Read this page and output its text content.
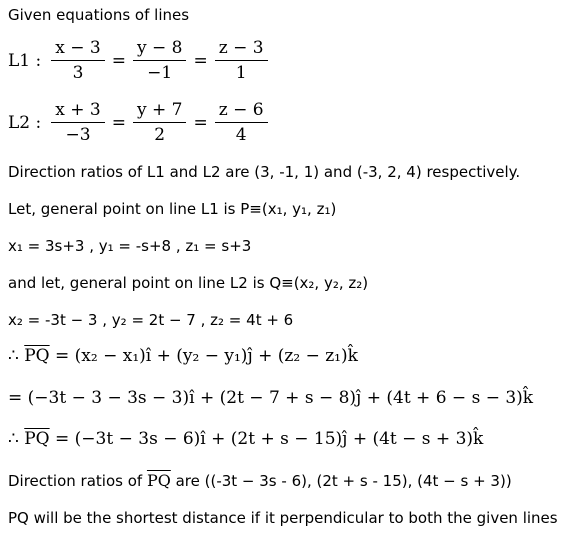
Given equations of lines
L1 : $\frac{x - 3}{3} = \frac{y - 8}{-1} = \frac{z - 3}{1}$
L2 : $\frac{x + 3}{-3} = \frac{y + 7}{2} = \frac{z - 6}{4}$
Direction ratios of L1 and L2 are (3, -1, 1) and (-3, 2, 4) respectively.
Let, general point on line L1 is P≡(x₁, y₁, z₁)
x₁ = 3s+3 , y₁ = -s+8 , z₁ = s+3
and let, general point on line L2 is Q≡(x₂, y₂, z₂)
x₂ = -3t − 3 , y₂ = 2t − 7 , z₂ = 4t + 6
∴ $\overline{PQ} = (x_2$ − x₁)î + (y₂ − y₁)ĵ + (z₂ − z₁)k̂
= (−3t − 3 − 3s − 3)î + (2t − 7 + s − 8)ĵ + (4t + 6 − s − 3)k̂
∴ $\overline{PQ} = (-3t - 3s$ − 6)î + (2t + s − 15)ĵ + (4t − s + 3)k̂
Direction ratios of $\overline{PQ}$ are ((-3t − 3s - 6), (2t + s - 15), (4t − s + 3))
PQ will be the shortest distance if it perpendicular to both the given lines
